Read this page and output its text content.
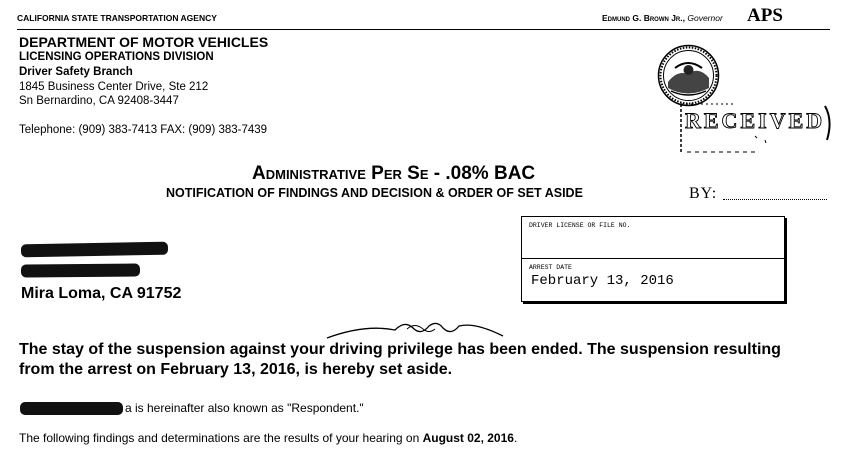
CALIFORNIA STATE TRANSPORTATION AGENCY	Edmund G. Brown Jr., Governor APS
DEPARTMENT OF MOTOR VEHICLES
LICENSING OPERATIONS DIVISION
Driver Safety Branch
1845 Business Center Drive, Ste 212
Sn Bernardino, CA 92408-3447
Telephone: (909) 383-7413 FAX: (909) 383-7439	RECEIVED
Administrative Per Se - .08% BAC
NOTIFICATION OF FINDINGS AND DECISION & ORDER OF SET ASIDE	BY:
Mira Loma, CA 91752
DRIVER LICENSE OR FILE NO.
ARREST DATE
February 13, 2016
The stay of the suspension against your driving privilege has been ended. The suspension resulting from the arrest on February 13, 2016, is hereby set aside.
a is hereinafter also known as "Respondent."
The following findings and determinations are the results of your hearing on August 02, 2016.
